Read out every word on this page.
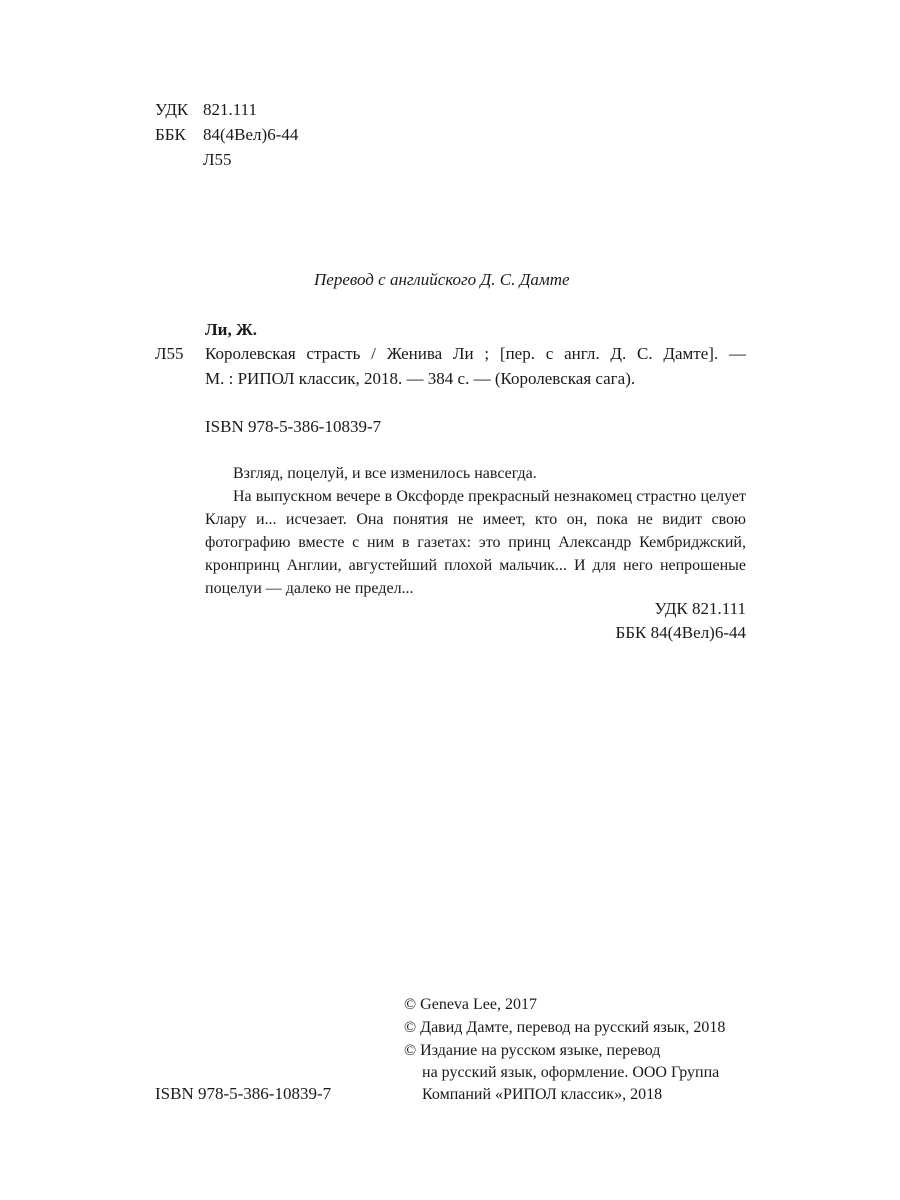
УДК 821.111
ББК 84(4Вел)6-44
Л55
Перевод с английского Д. С. Дамте
Ли, Ж.
Л55 Королевская страсть / Женива Ли ; [пер. с англ. Д. С. Дамте]. —
М. : РИПОЛ классик, 2018. — 384 с. — (Королевская сага).
ISBN 978-5-386-10839-7

Взгляд, поцелуй, и все изменилось навсегда.

На выпускном вечере в Оксфорде прекрасный незнакомец страстно целует Клару и... исчезает. Она понятия не имеет, кто он, пока не видит свою фотографию вместе с ним в газетах: это принц Александр Кембриджский, кронпринц Англии, августейший плохой мальчик... И для него непрошеные поцелуи — далеко не предел...

УДК 821.111
ББК 84(4Вел)6-44
ISBN 978-5-386-10839-7
© Geneva Lee, 2017
© Давид Дамте, перевод на русский язык, 2018
© Издание на русском языке, перевод
на русский язык, оформление. ООО Группа
Компаний «РИПОЛ классик», 2018
